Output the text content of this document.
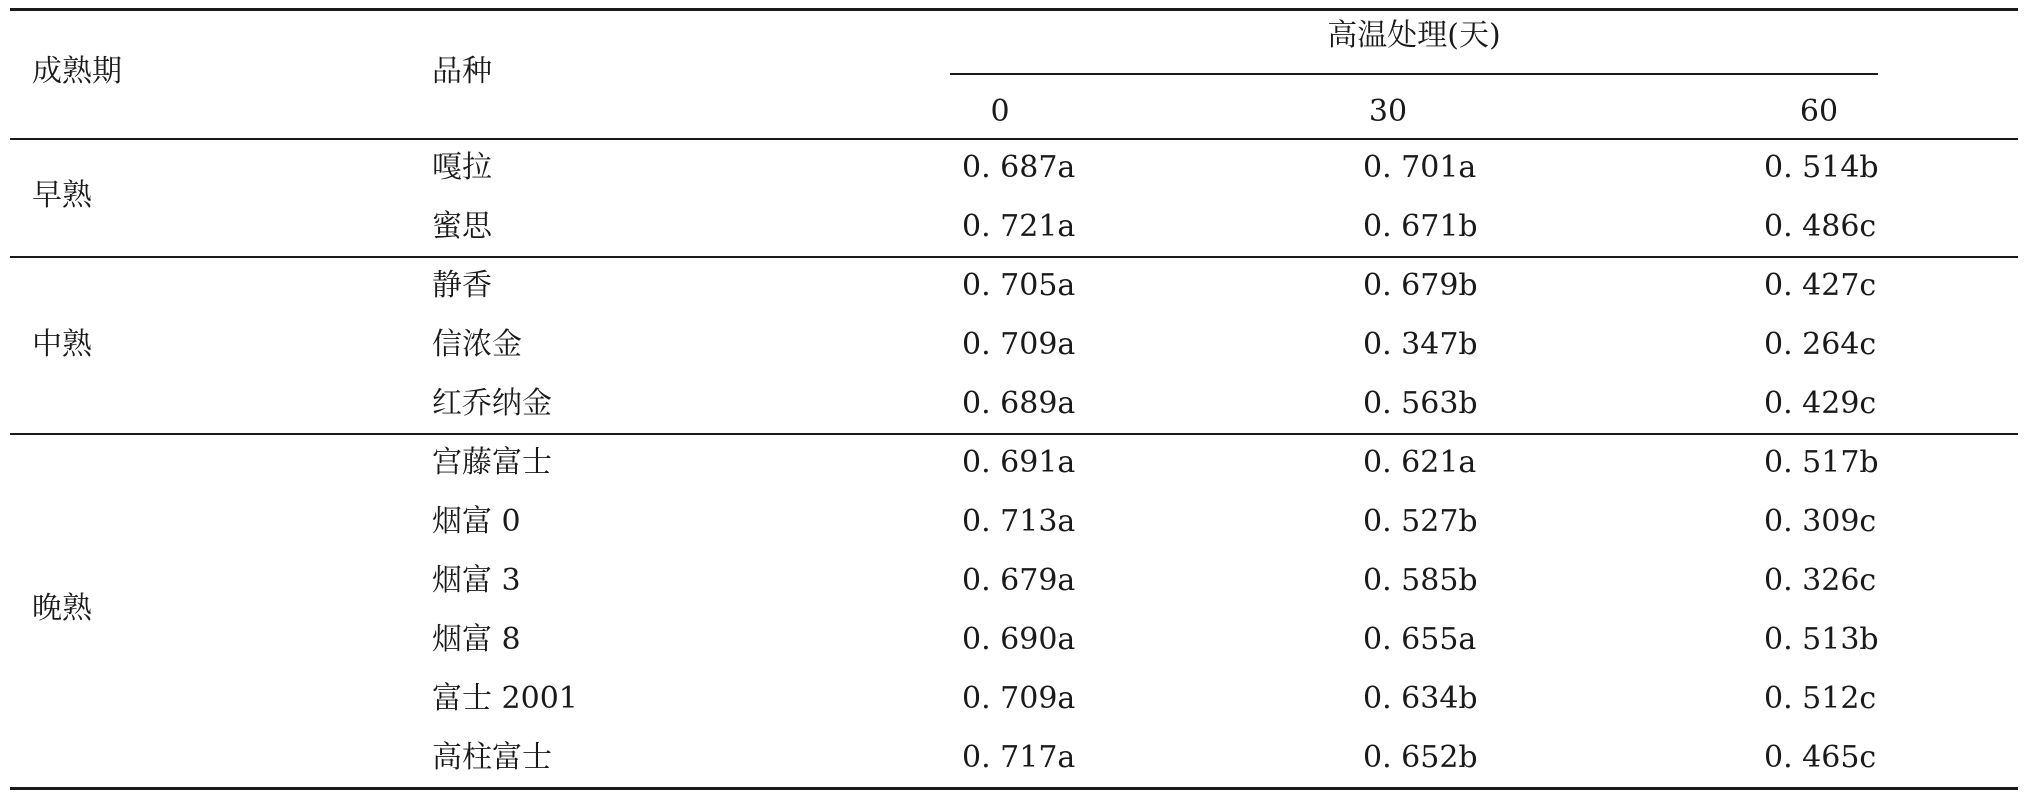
成熟期	品种
高温处理(天)
0	30	60
早熟
嘎拉	0. 687a	0. 701a	0. 514b
蜜思	0. 721a	0. 671b	0. 486c
中熟
静香	0. 705a	0. 679b	0. 427c
信浓金	0. 709a	0. 347b	0. 264c
红乔纳金	0. 689a	0. 563b	0. 429c
晚熟
宫藤富士	0. 691a	0. 621a	0. 517b
烟富 0	0. 713a	0. 527b	0. 309c
烟富 3	0. 679a	0. 585b	0. 326c
烟富 8	0. 690a	0. 655a	0. 513b
富士 2001	0. 709a	0. 634b	0. 512c
高柱富士	0. 717a	0. 652b	0. 465c
